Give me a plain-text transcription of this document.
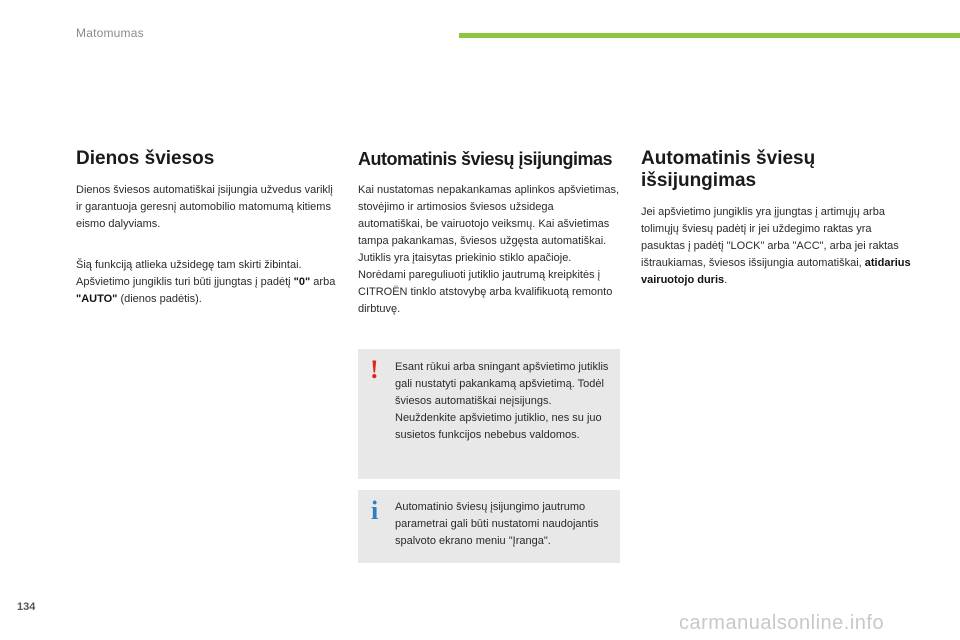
Matomumas
Dienos šviesos

Dienos šviesos automatiškai įsijungia užvedus variklį ir garantuoja geresnį automobilio matomumą kitiems eismo dalyviams.

Šią funkciją atlieka užsidegę tam skirti žibintai. Apšvietimo jungiklis turi būti įjungtas į padėtį "0" arba "AUTO" (dienos padėtis).

Automatinis šviesų įsijungimas

Kai nustatomas nepakankamas aplinkos apšvietimas, stovėjimo ir artimosios šviesos užsidega automatiškai, be vairuotojo veiksmų. Kai ašvietimas tampa pakankamas, šviesos užgęsta automatiškai.

Jutiklis yra įtaisytas priekinio stiklo apačioje. Norėdami pareguliuoti jutiklio jautrumą kreipkitės į CITROËN tinklo atstovybę arba kvalifikuotą remonto dirbtuvę.

! Esant rūkui arba sningant apšvietimo jutiklis gali nustatyti pakankamą apšvietimą. Todėl šviesos automatiškai neįsijungs.
Neuždenkite apšvietimo jutiklio, nes su juo susietos funkcijos nebebus valdomos.

i Automatinio šviesų įsijungimo jautrumo parametrai gali būti nustatomi naudojantis spalvoto ekrano meniu "Įranga".

Automatinis šviesų išsijungimas

Jei apšvietimo jungiklis yra įjungtas į artimųjų arba tolimųjų šviesų padėtį ir jei uždegimo raktas yra pasuktas į padėtį "LOCK" arba "ACC", arba jei raktas ištraukiamas, šviesos išsijungia automatiškai, atidarius vairuotojo duris.

134
carmanualsonline.info
